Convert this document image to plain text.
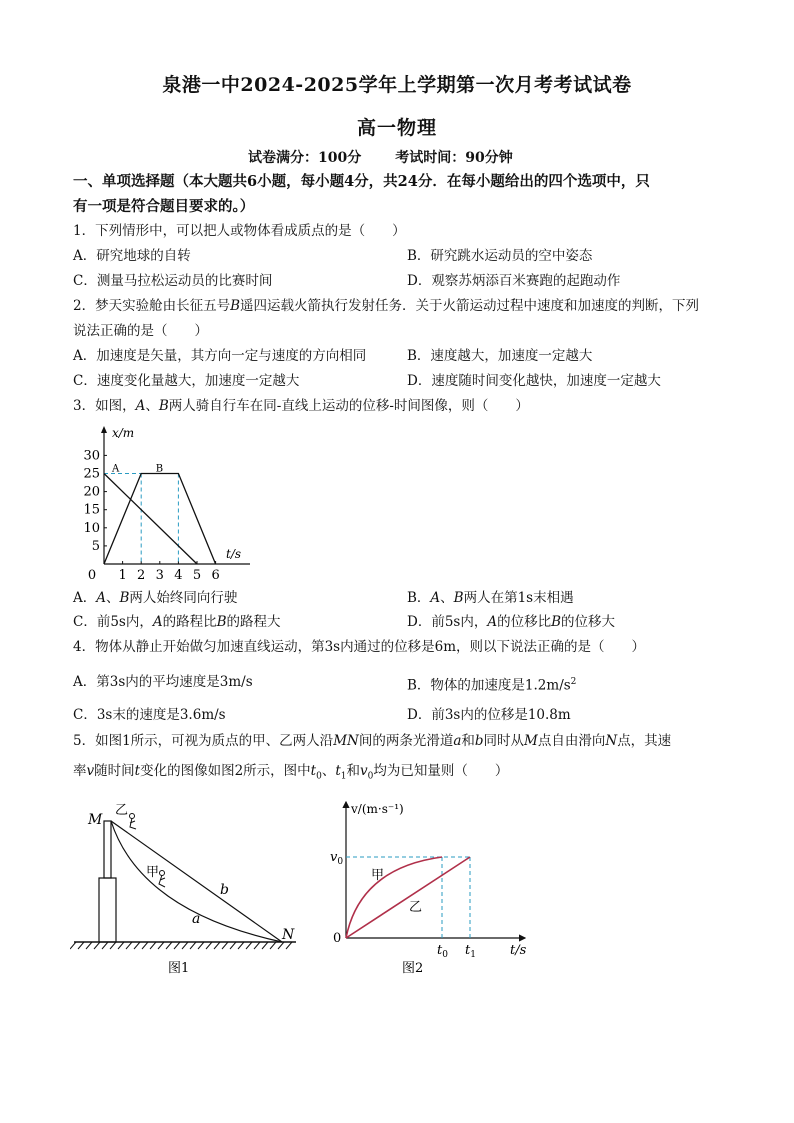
泉港一中2024-2025学年上学期第一次月考考试试卷
高一物理
试卷满分：100分 考试时间：90分钟
一、单项选择题（本大题共6小题，每小题4分，共24分．在每小题给出的四个选项中，只
有一项是符合题目要求的。）
1．下列情形中，可以把人或物体看成质点的是（　　）
A．研究地球的自转	B．研究跳水运动员的空中姿态
C．测量马拉松运动员的比赛时间	D．观察苏炳添百米赛跑的起跑动作
2．梦天实验舱由长征五号B遥四运载火箭执行发射任务．关于火箭运动过程中速度和加速度的判断，下列
说法正确的是（　　）
A．加速度是矢量，其方向一定与速度的方向相同	B．速度越大，加速度一定越大
C．速度变化量越大，加速度一定越大	D．速度随时间变化越快，加速度一定越大
3．如图，A、B两人骑自行车在同-直线上运动的位移-时间图像，则（　　）
5
10
15
20
25
30
0 1 2 3 4 5 6
A	B
x/m
t/s
A．A、B两人始终同向行驶	B．A、B两人在第1s末相遇
C．前5s内，A的路程比B的路程大	D．前5s内，A的位移比B的位移大
4．物体从静止开始做匀加速直线运动，第3s内通过的位移是6m，则以下说法正确的是（　　）
A．第3s内的平均速度是3m/s	B．物体的加速度是$1.2m/s^2$
C．3s末的速度是3.6m/s	D．前3s内的位移是10.8m
5．如图1所示，可视为质点的甲、乙两人沿MN间的两条光滑道a和b同时从M点自由滑向N点，其速
率v随时间t变化的图像如图2所示，图中$t_0$、$t_1$和$v_0$均为已知量则（　　）
M
乙
甲
b
a
N
图1
v/(m·s⁻¹)
$v_0$
0
$t_0$ $t_1$	t/s
甲
乙
图2
